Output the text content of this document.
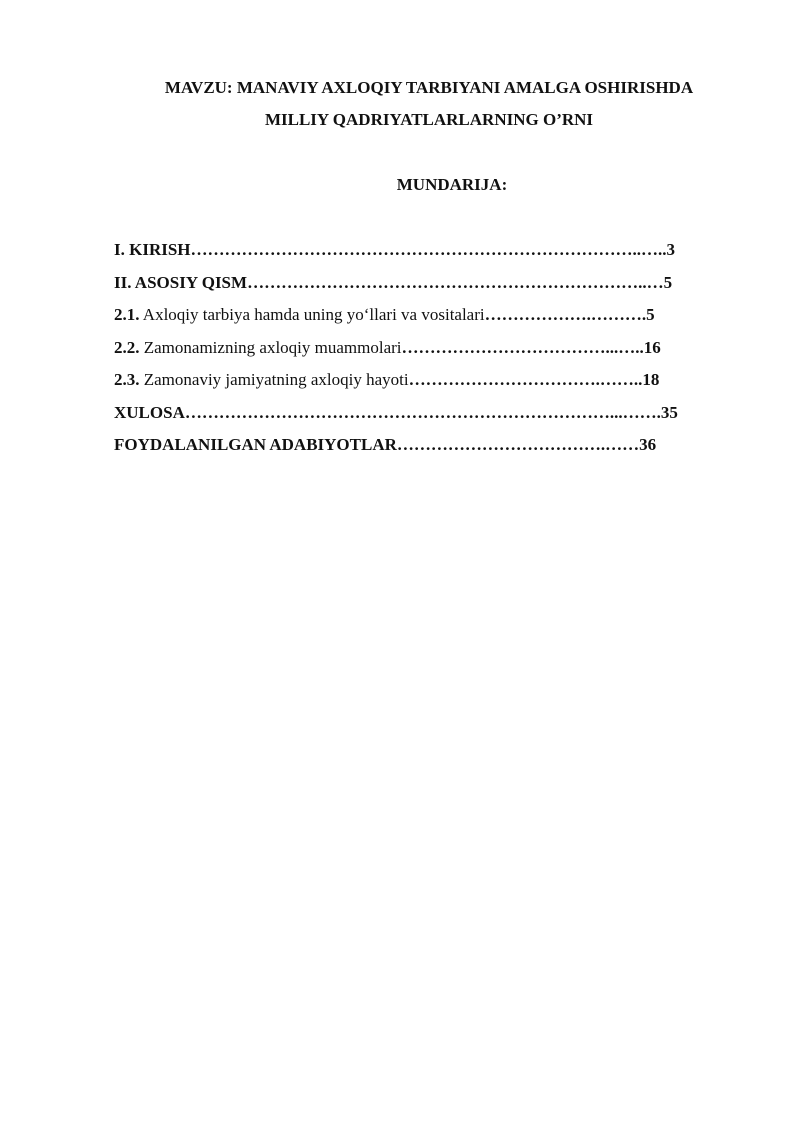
MAVZU: MANAVIY AXLOQIY TARBIYANI AMALGA OSHIRISHDA
MILLIY QADRIYATLARLARNING O’RNI
MUNDARIJA:
I. KIRISH……………………………………………………………………..…..3
II. ASOSIY QISM……………………………………………………………..…5
2.1. Axloqiy tarbiya hamda uning yo‘llari va vositalari……………….……….5
2.2. Zamonamizning axloqiy muammolari………………………………...…..16
2.3. Zamonaviy jamiyatning axloqiy hayoti…………………………….……..18
XULOSA…………………………………………………………………...…….35
FOYDALANILGAN ADABIYOTLAR……………………………….……36
